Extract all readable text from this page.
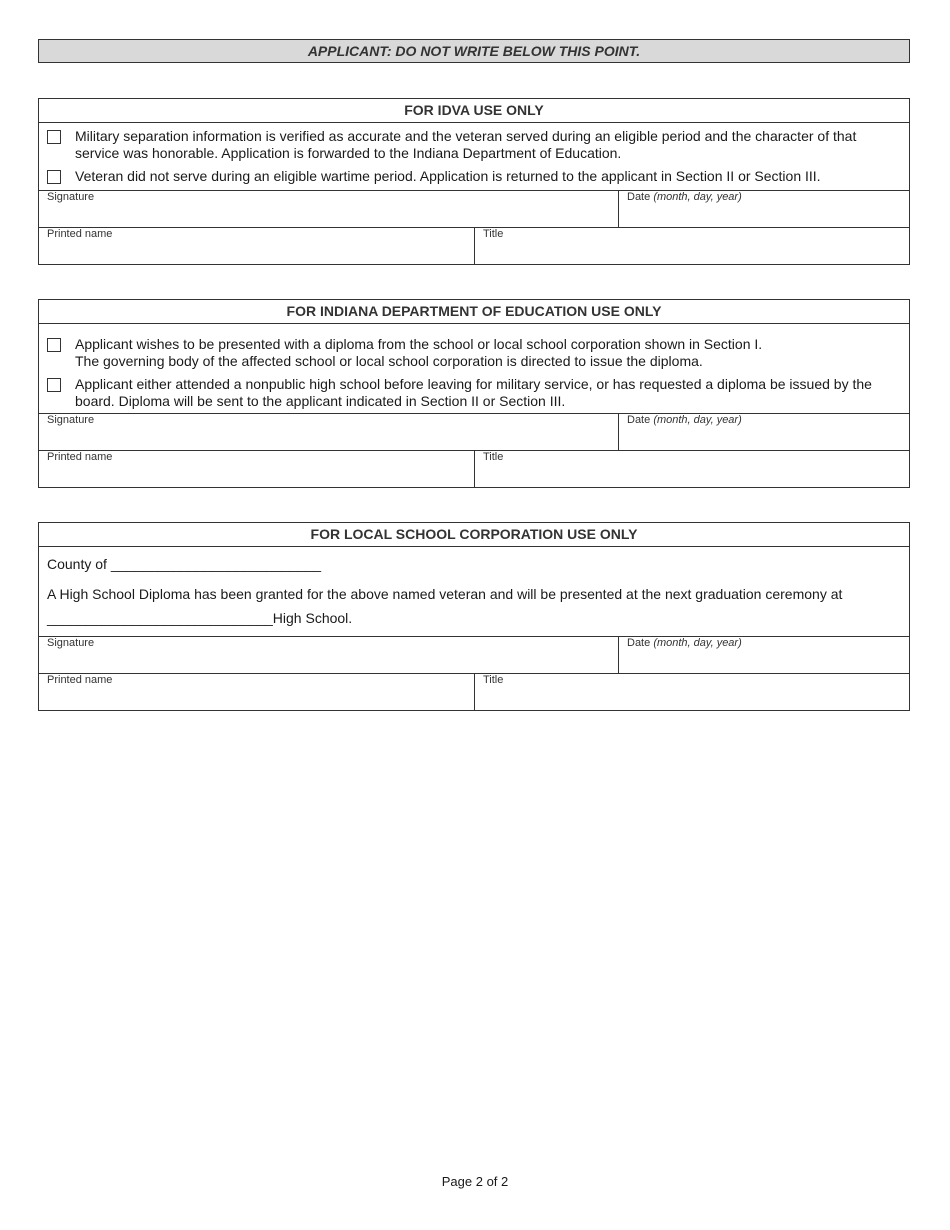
APPLICANT: DO NOT WRITE BELOW THIS POINT.
FOR IDVA USE ONLY
Military separation information is verified as accurate and the veteran served during an eligible period and the character of that
service was honorable. Application is forwarded to the Indiana Department of Education.
Veteran did not serve during an eligible wartime period. Application is returned to the applicant in Section II or Section III.
Signature	Date (month, day, year)
Printed name	Title
FOR INDIANA DEPARTMENT OF EDUCATION USE ONLY
Applicant wishes to be presented with a diploma from the school or local school corporation shown in Section I.
The governing body of the affected school or local school corporation is directed to issue the diploma.
Applicant either attended a nonpublic high school before leaving for military service, or has requested a diploma be issued by the
board. Diploma will be sent to the applicant indicated in Section II or Section III.
Signature	Date (month, day, year)
Printed name	Title
FOR LOCAL SCHOOL CORPORATION USE ONLY
County of ___________________________
A High School Diploma has been granted for the above named veteran and will be presented at the next graduation ceremony at
_____________________________High School.
Signature	Date (month, day, year)
Printed name	Title
Page 2 of 2
